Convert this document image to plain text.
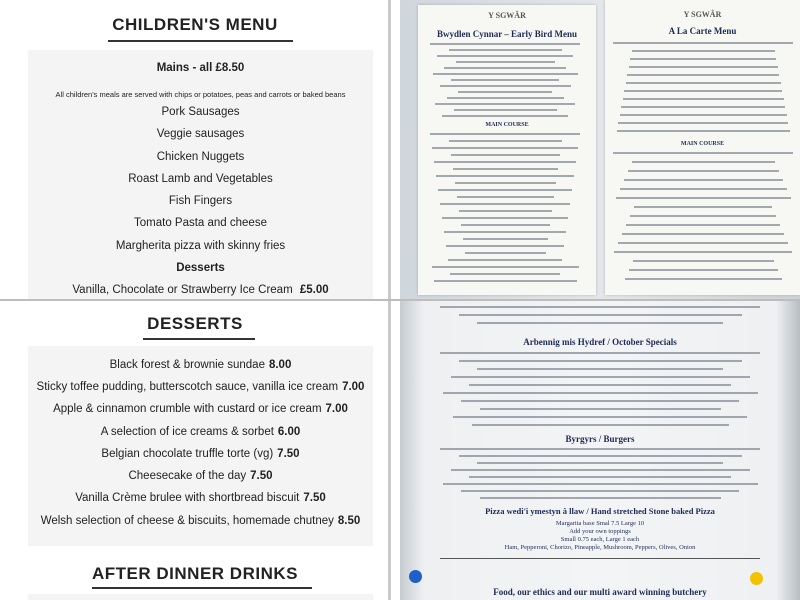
CHILDREN'S MENU
Mains - all £8.50
All children's meals are served with chips or potatoes, peas and carrots or baked beans
Pork Sausages
Veggie sausages
Chicken Nuggets
Roast Lamb and Vegetables
Fish Fingers
Tomato Pasta and cheese
Margherita pizza with skinny fries
Desserts
Vanilla, Chocolate or Strawberry Ice Cream £5.00
Y SGWÂR
Bwydlen Cynnar – Early Bird Menu
MAIN COURSE
Y SGWÂR
A La Carte Menu
MAIN COURSE
DESSERTS
Black forest & brownie sundae 8.00
Sticky toffee pudding, butterscotch sauce, vanilla ice cream 7.00
Apple & cinnamon crumble with custard or ice cream 7.00
A selection of ice creams & sorbet 6.00
Belgian chocolate truffle torte (vg) 7.50
Cheesecake of the day 7.50
Vanilla Crème brulee with shortbread biscuit 7.50
Welsh selection of cheese & biscuits, homemade chutney 8.50
AFTER DINNER DRINKS
Arbennig mis Hydref / October Specials
Byrgyrs / Burgers
Pizza wedi'i ymestyn â llaw / Hand stretched Stone baked Pizza
Margarita base Smal 7.5 Large 10
Add your own toppings
Small 0.75 each, Large 1 each
Ham, Pepperoni, Chorizo, Pineapple, Mushroom, Peppers, Olives, Onion
Food, our ethics and our multi award winning butchery
